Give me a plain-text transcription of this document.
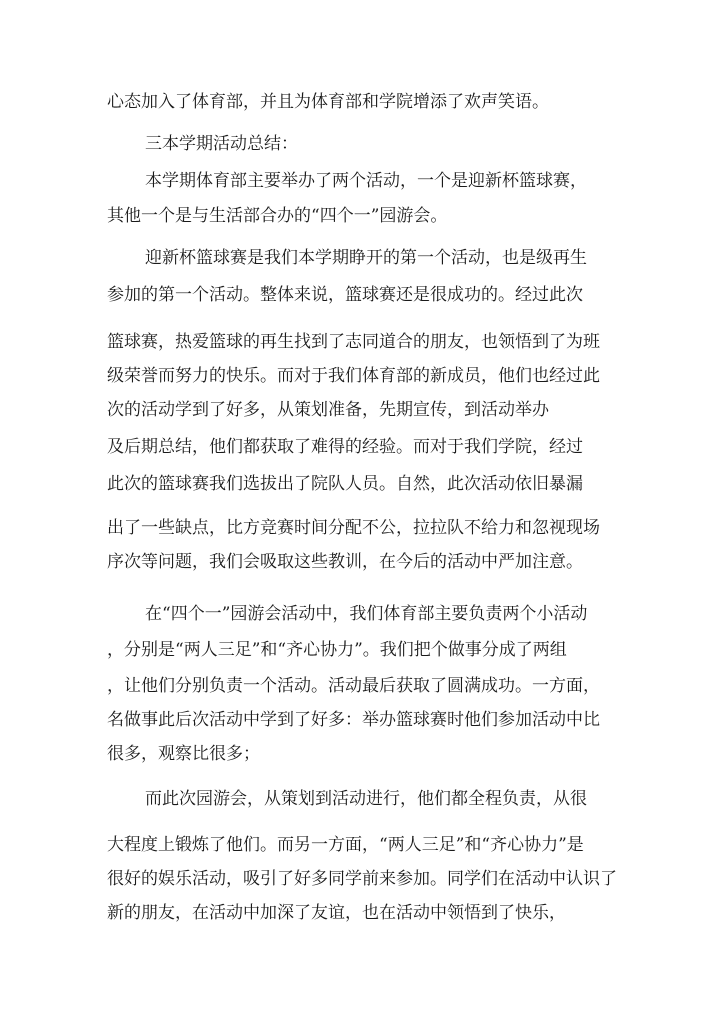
心态加入了体育部，并且为体育部和学院增添了欢声笑语。

三本学期活动总结：

本学期体育部主要举办了两个活动，一个是迎新杯篮球赛，

其他一个是与生活部合办的“四个一”园游会。

迎新杯篮球赛是我们本学期睁开的第一个活动，也是级再生

参加的第一个活动。整体来说，篮球赛还是很成功的。经过此次

篮球赛，热爱篮球的再生找到了志同道合的朋友，也领悟到了为班

级荣誉而努力的快乐。而对于我们体育部的新成员，他们也经过此

次的活动学到了好多，从策划准备，先期宣传，到活动举办

及后期总结，他们都获取了难得的经验。而对于我们学院，经过

此次的篮球赛我们选拔出了院队人员。自然，此次活动依旧暴漏

出了一些缺点，比方竞赛时间分配不公，拉拉队不给力和忽视现场

序次等问题，我们会吸取这些教训，在今后的活动中严加注意。

在“四个一”园游会活动中，我们体育部主要负责两个小活动

，分别是“两人三足”和“齐心协力”。我们把个做事分成了两组

，让他们分别负责一个活动。活动最后获取了圆满成功。一方面，

名做事此后次活动中学到了好多：举办篮球赛时他们参加活动中比

很多，观察比很多；

而此次园游会，从策划到活动进行，他们都全程负责，从很

大程度上锻炼了他们。而另一方面，“两人三足”和“齐心协力”是

很好的娱乐活动，吸引了好多同学前来参加。同学们在活动中认识了

新的朋友，在活动中加深了友谊，也在活动中领悟到了快乐，
